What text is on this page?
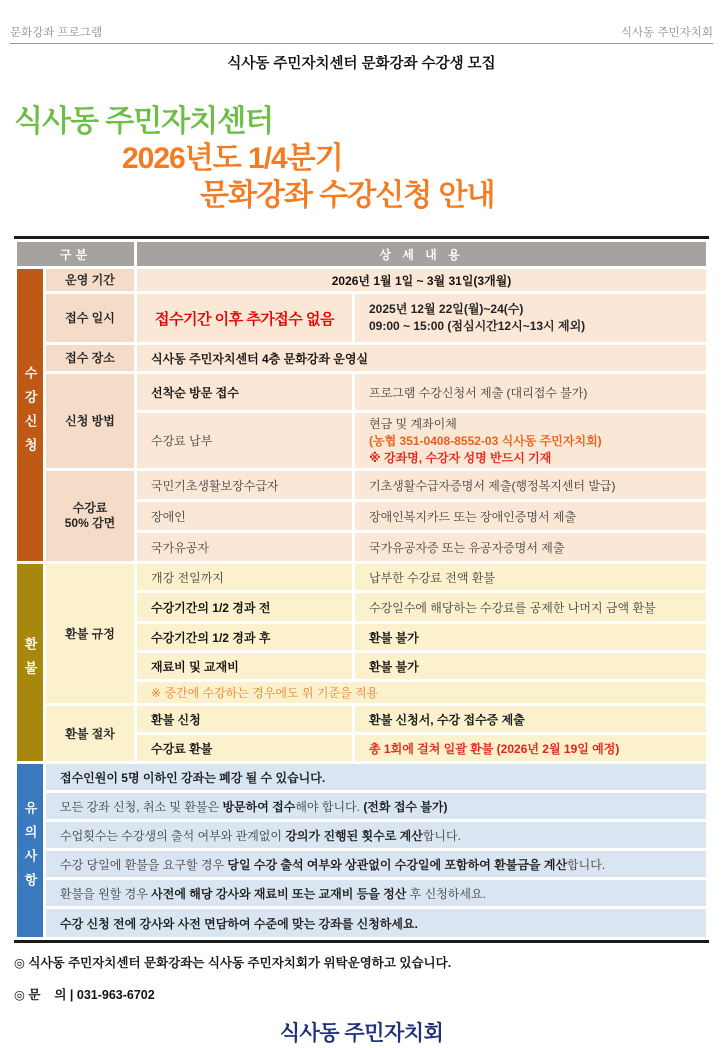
문화강좌 프로그램	식사동 주민자치회
식사동 주민자치센터 문화강좌 수강생 모집
식사동 주민자치센터
2026년도 1/4분기
문화강좌 수강신청 안내
구분		상 세 내 용	
수강신청	운영 기간	2026년 1월 1일 ~ 3월 31일(3개월)	
	접수 일시	접수기간 이후 추가접수 없음	2025년 12월 22일(월)~24(수)
09:00 ~ 15:00 (점심시간12시~13시 제외)

	접수 장소	식사동 주민자치센터 4층 문화강좌 운영실	
	신청 방법	선착순 방문 접수	프로그램 수강신청서 제출 (대리접수 불가)
		수강료 납부	현금 및 계좌이체
(농협 351-0408-8552-03 식사동 주민자치회)
※ 강좌명, 수강자 성명 반드시 기재

	수강료
50% 감면	국민기초생활보장수급자	기초생활수급자증명서 제출(행정복지센터 발급)
		장애인	장애인복지카드 또는 장애인증명서 제출
		국가유공자	국가유공자증 또는 유공자증명서 제출
환불	환불 규정	개강 전일까지	납부한 수강료 전액 환불
		수강기간의 1/2 경과 전	수강일수에 해당하는 수강료를 공제한 나머지 금액 환불
		수강기간의 1/2 경과 후	환불 불가
		재료비 및 교재비	환불 불가
		※ 중간에 수강하는 경우에도 위 기준을 적용	
	환불 절차	환불 신청	환불 신청서, 수강 접수증 제출
		수강료 환불	총 1회에 걸쳐 일괄 환불 (2026년 2월 19일 예정)
유의사항	접수인원이 5명 이하인 강좌는 폐강 될 수 있습니다.		
	모든 강좌 신청, 취소 및 환불은 방문하여 접수해야 합니다. (전화 접수 불가)		
	수업횟수는 수강생의 출석 여부와 관계없이 강의가 진행된 횟수로 계산합니다.		
	수강 당일에 환불을 요구할 경우 당일 수강 출석 여부와 상관없이 수강일에 포함하여 환불금을 계산합니다.		
	환불을 원할 경우 사전에 해당 강사와 재료비 또는 교재비 등을 정산 후 신청하세요.		
	수강 신청 전에 강사와 사전 면담하여 수준에 맞는 강좌를 신청하세요.		
◎ 식사동 주민자치센터 문화강좌는 식사동 주민자치회가 위탁운영하고 있습니다.
◎ 문    의 | 031-963-6702
식사동 주민자치회
